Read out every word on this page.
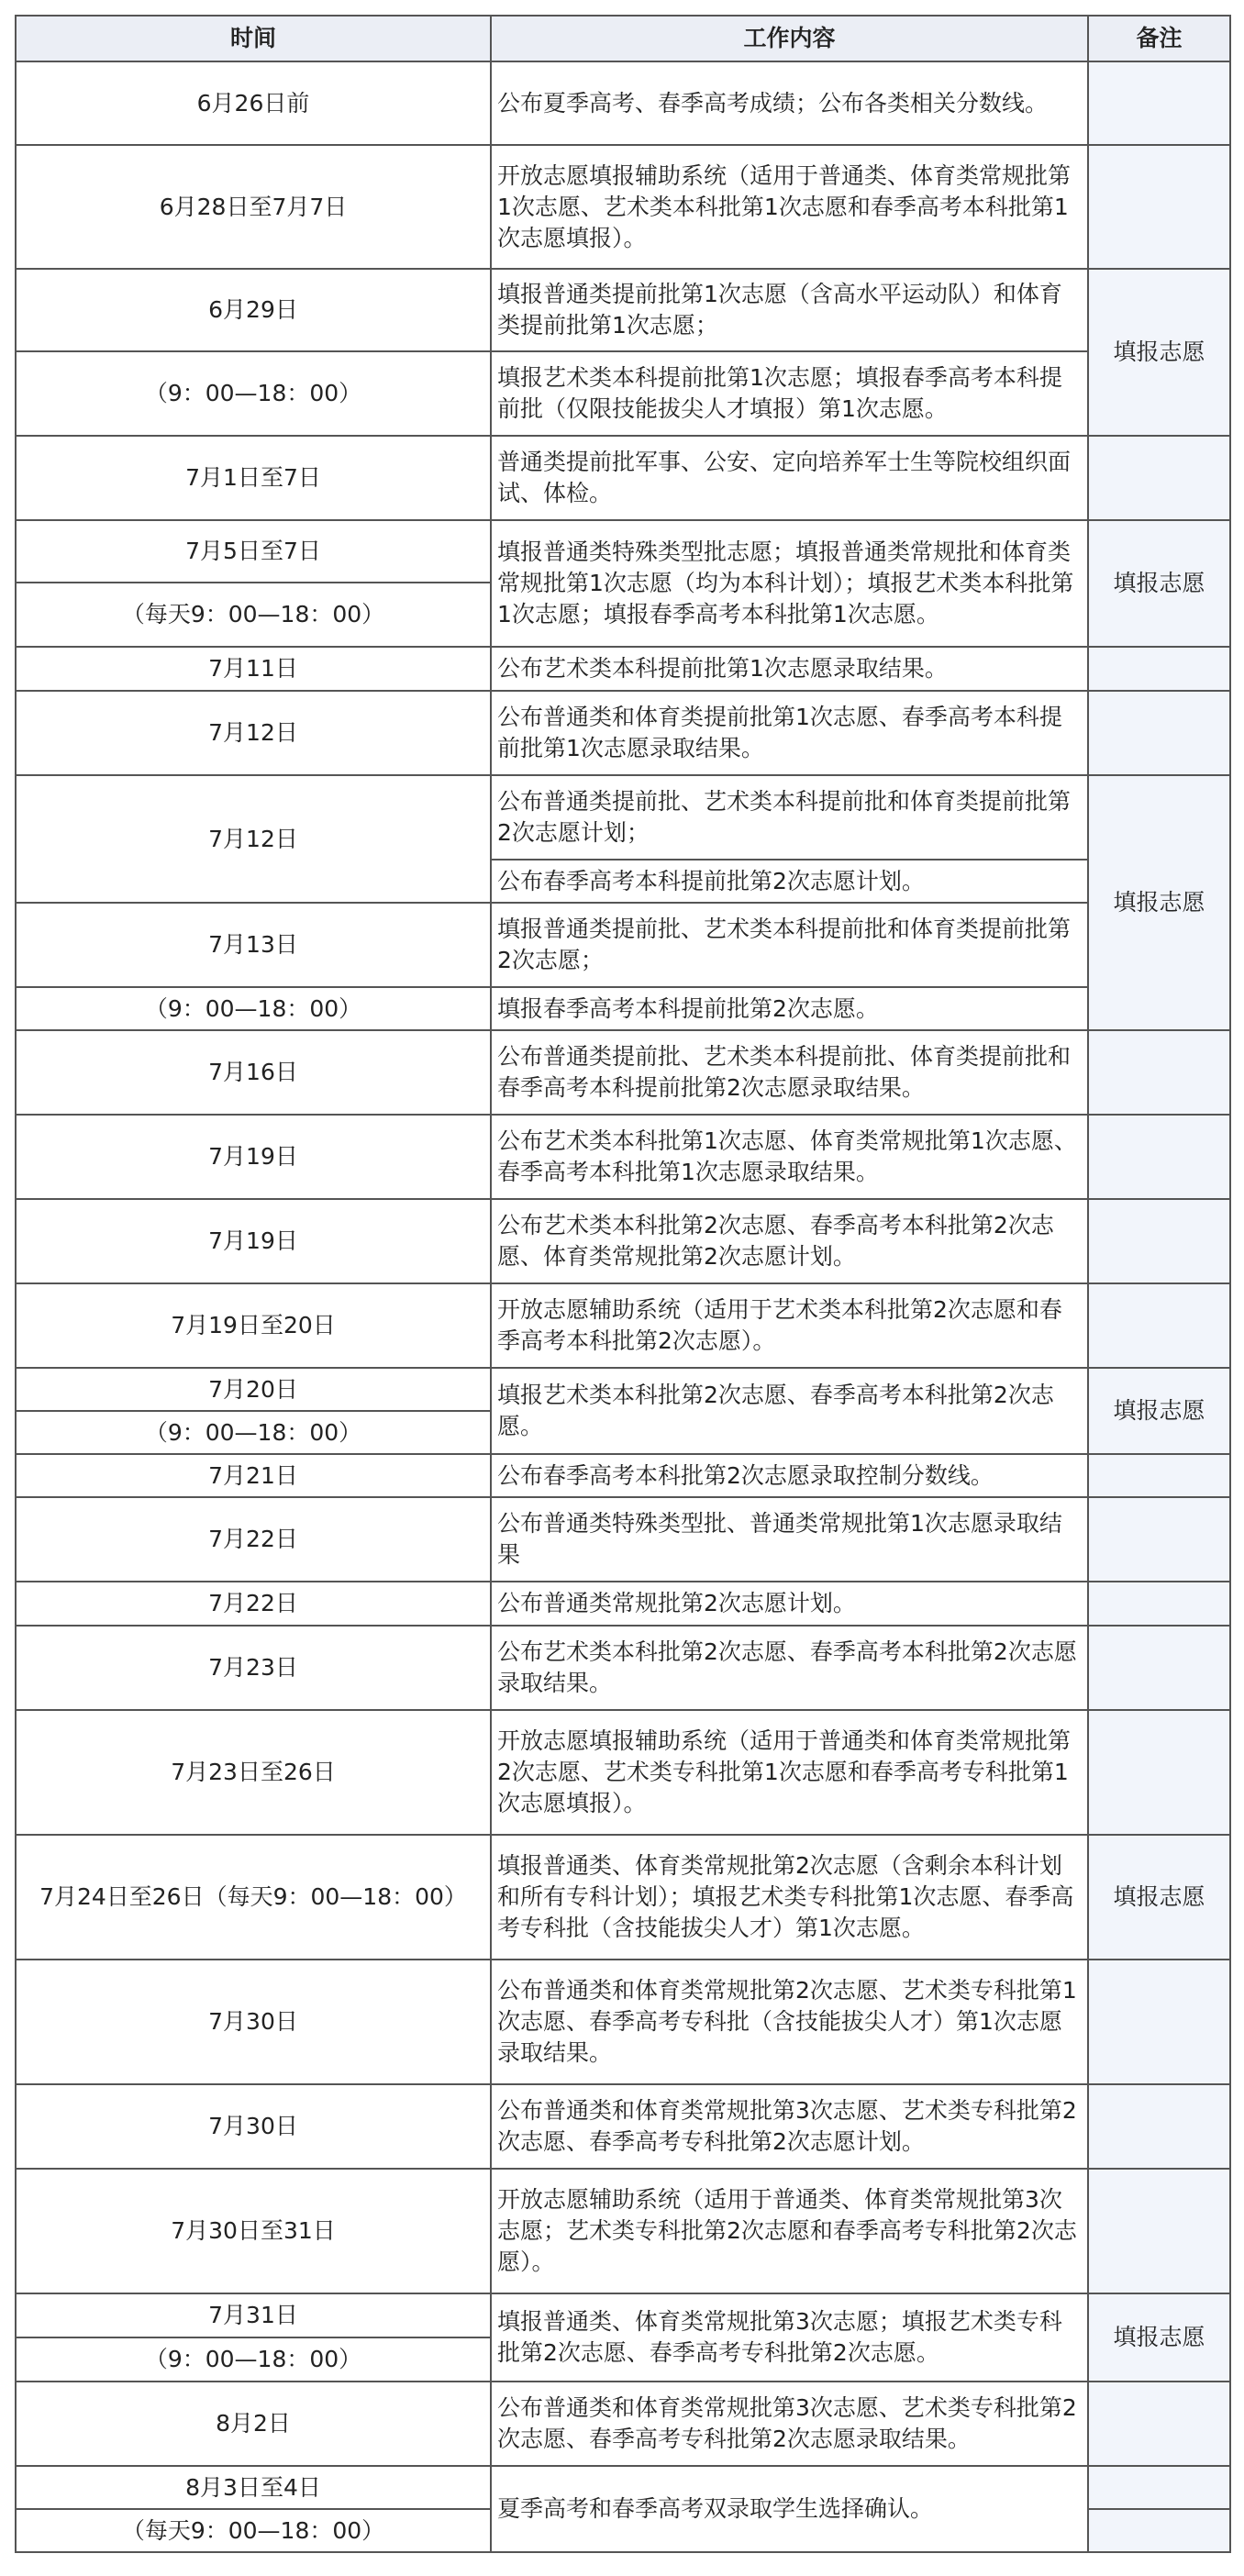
时间	工作内容	备注
6月26日前	公布夏季高考、春季高考成绩；公布各类相关分数线。	
6月28日至7月7日	开放志愿填报辅助系统（适用于普通类、体育类常规批第1次志愿、艺术类本科批第1次志愿和春季高考本科批第1次志愿填报）。	
6月29日	填报普通类提前批第1次志愿（含高水平运动队）和体育类提前批第1次志愿；	填报志愿
（9：00—18：00）	填报艺术类本科提前批第1次志愿；填报春季高考本科提前批（仅限技能拔尖人才填报）第1次志愿。	
7月1日至7日	普通类提前批军事、公安、定向培养军士生等院校组织面试、体检。	
7月5日至7日	填报普通类特殊类型批志愿；填报普通类常规批和体育类常规批第1次志愿（均为本科计划）；填报艺术类本科批第1次志愿；填报春季高考本科批第1次志愿。	填报志愿
（每天9：00—18：00）		
7月11日	公布艺术类本科提前批第1次志愿录取结果。	
7月12日	公布普通类和体育类提前批第1次志愿、春季高考本科提前批第1次志愿录取结果。	
7月12日	公布普通类提前批、艺术类本科提前批和体育类提前批第2次志愿计划；	填报志愿
	公布春季高考本科提前批第2次志愿计划。	
7月13日	填报普通类提前批、艺术类本科提前批和体育类提前批第2次志愿；	
（9：00—18：00）	填报春季高考本科提前批第2次志愿。	
7月16日	公布普通类提前批、艺术类本科提前批、体育类提前批和春季高考本科提前批第2次志愿录取结果。	
7月19日	公布艺术类本科批第1次志愿、体育类常规批第1次志愿、春季高考本科批第1次志愿录取结果。	
7月19日	公布艺术类本科批第2次志愿、春季高考本科批第2次志愿、体育类常规批第2次志愿计划。	
7月19日至20日	开放志愿辅助系统（适用于艺术类本科批第2次志愿和春季高考本科批第2次志愿）。	
7月20日	填报艺术类本科批第2次志愿、春季高考本科批第2次志愿。	填报志愿
（9：00—18：00）		
7月21日	公布春季高考本科批第2次志愿录取控制分数线。	
7月22日	公布普通类特殊类型批、普通类常规批第1次志愿录取结果	
7月22日	公布普通类常规批第2次志愿计划。	
7月23日	公布艺术类本科批第2次志愿、春季高考本科批第2次志愿录取结果。	
7月23日至26日	开放志愿填报辅助系统（适用于普通类和体育类常规批第2次志愿、艺术类专科批第1次志愿和春季高考专科批第1次志愿填报）。	
7月24日至26日（每天9：00—18：00）	填报普通类、体育类常规批第2次志愿（含剩余本科计划和所有专科计划）；填报艺术类专科批第1次志愿、春季高考专科批（含技能拔尖人才）第1次志愿。	填报志愿
7月30日	公布普通类和体育类常规批第2次志愿、艺术类专科批第1次志愿、春季高考专科批（含技能拔尖人才）第1次志愿录取结果。	
7月30日	公布普通类和体育类常规批第3次志愿、艺术类专科批第2次志愿、春季高考专科批第2次志愿计划。	
7月30日至31日	开放志愿辅助系统（适用于普通类、体育类常规批第3次志愿；艺术类专科批第2次志愿和春季高考专科批第2次志愿）。	
7月31日	填报普通类、体育类常规批第3次志愿；填报艺术类专科批第2次志愿、春季高考专科批第2次志愿。	填报志愿
（9：00—18：00）		
8月2日	公布普通类和体育类常规批第3次志愿、艺术类专科批第2次志愿、春季高考专科批第2次志愿录取结果。	
8月3日至4日	夏季高考和春季高考双录取学生选择确认。	
（每天9：00—18：00）		
